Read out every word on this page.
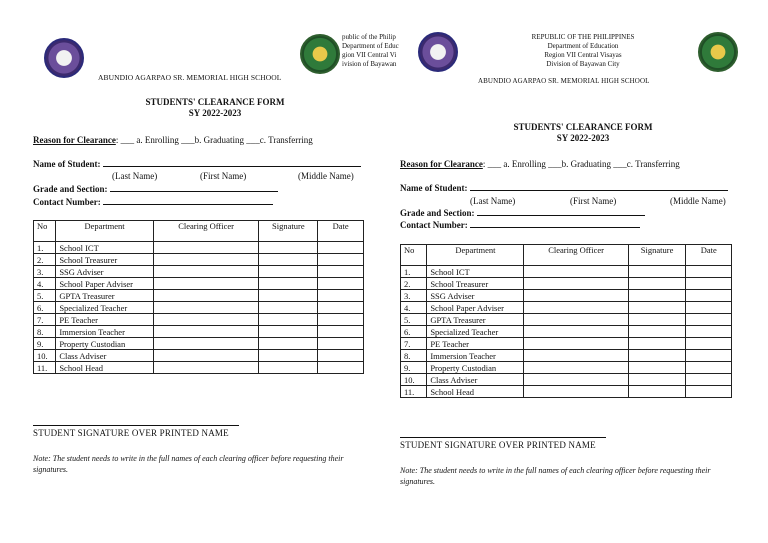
public of the Philip
Department of Educ
gion VII Central Vi
ivision of Bayawan
ABUNDIO AGARPAO SR. MEMORIAL HIGH SCHOOL
STUDENTS' CLEARANCE FORM
SY 2022-2023
Reason for Clearance: ___ a. Enrolling ___b. Graduating ___c. Transferring
Name of Student:
(Last Name)	(First Name)	(Middle Name)
Grade and Section:
Contact Number:
No	Department	Clearing Officer	Signature	Date
1.	School ICT			
2.	School Treasurer			
3.	SSG Adviser			
4.	School Paper Adviser			
5.	GPTA Treasurer			
6.	Specialized Teacher			
7.	PE Teacher			
8.	Immersion Teacher			
9.	Property Custodian			
10.	Class Adviser			
11.	School Head			
STUDENT SIGNATURE OVER PRINTED NAME
Note: The student needs to write in the full names of each clearing officer before requesting their signatures.
REPUBLIC OF THE PHILIPPINES
Department of Education
Region VII Central Visayas
Division of Bayawan City
ABUNDIO AGARPAO SR. MEMORIAL HIGH SCHOOL
STUDENTS' CLEARANCE FORM
SY 2022-2023
Reason for Clearance: ___ a. Enrolling ___b. Graduating ___c. Transferring
Name of Student:
(Last Name)	(First Name)	(Middle Name)
Grade and Section:
Contact Number:
No	Department	Clearing Officer	Signature	Date
1.	School ICT			
2.	School Treasurer			
3.	SSG Adviser			
4.	School Paper Adviser			
5.	GPTA Treasurer			
6.	Specialized Teacher			
7.	PE Teacher			
8.	Immersion Teacher			
9.	Property Custodian			
10.	Class Adviser			
11.	School Head			
STUDENT SIGNATURE OVER PRINTED NAME
Note: The student needs to write in the full names of each clearing officer before requesting their signatures.
